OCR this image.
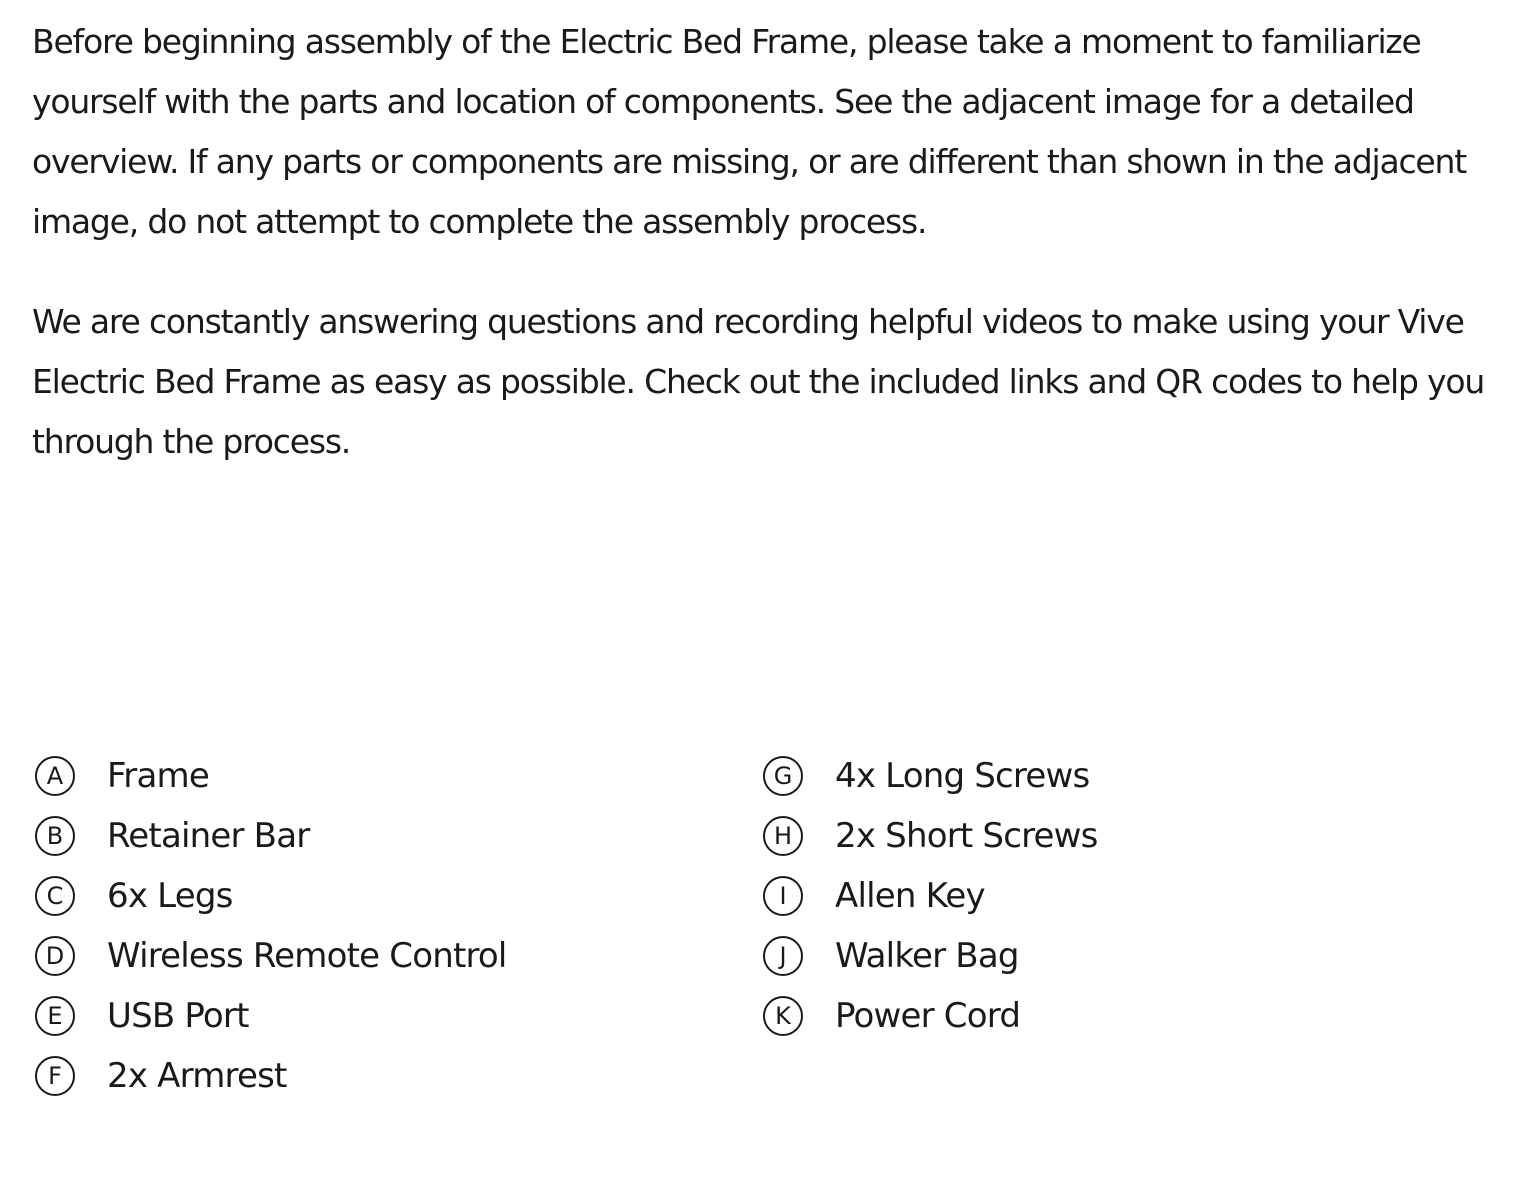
Before beginning assembly of the Electric Bed Frame, please take a moment to familiarize yourself with the parts and location of components. See the adjacent image for a detailed overview. If any parts or components are missing, or are different than shown in the adjacent image, do not attempt to complete the assembly process.

We are constantly answering questions and recording helpful videos to make using your Vive Electric Bed Frame as easy as possible. Check out the included links and QR codes to help you through the process.

A	Frame
B	Retainer Bar
C	6x Legs
D	Wireless Remote Control
E	USB Port
F	2x Armrest
G	4x Long Screws
H	2x Short Screws
I	Allen Key
J	Walker Bag
K	Power Cord
